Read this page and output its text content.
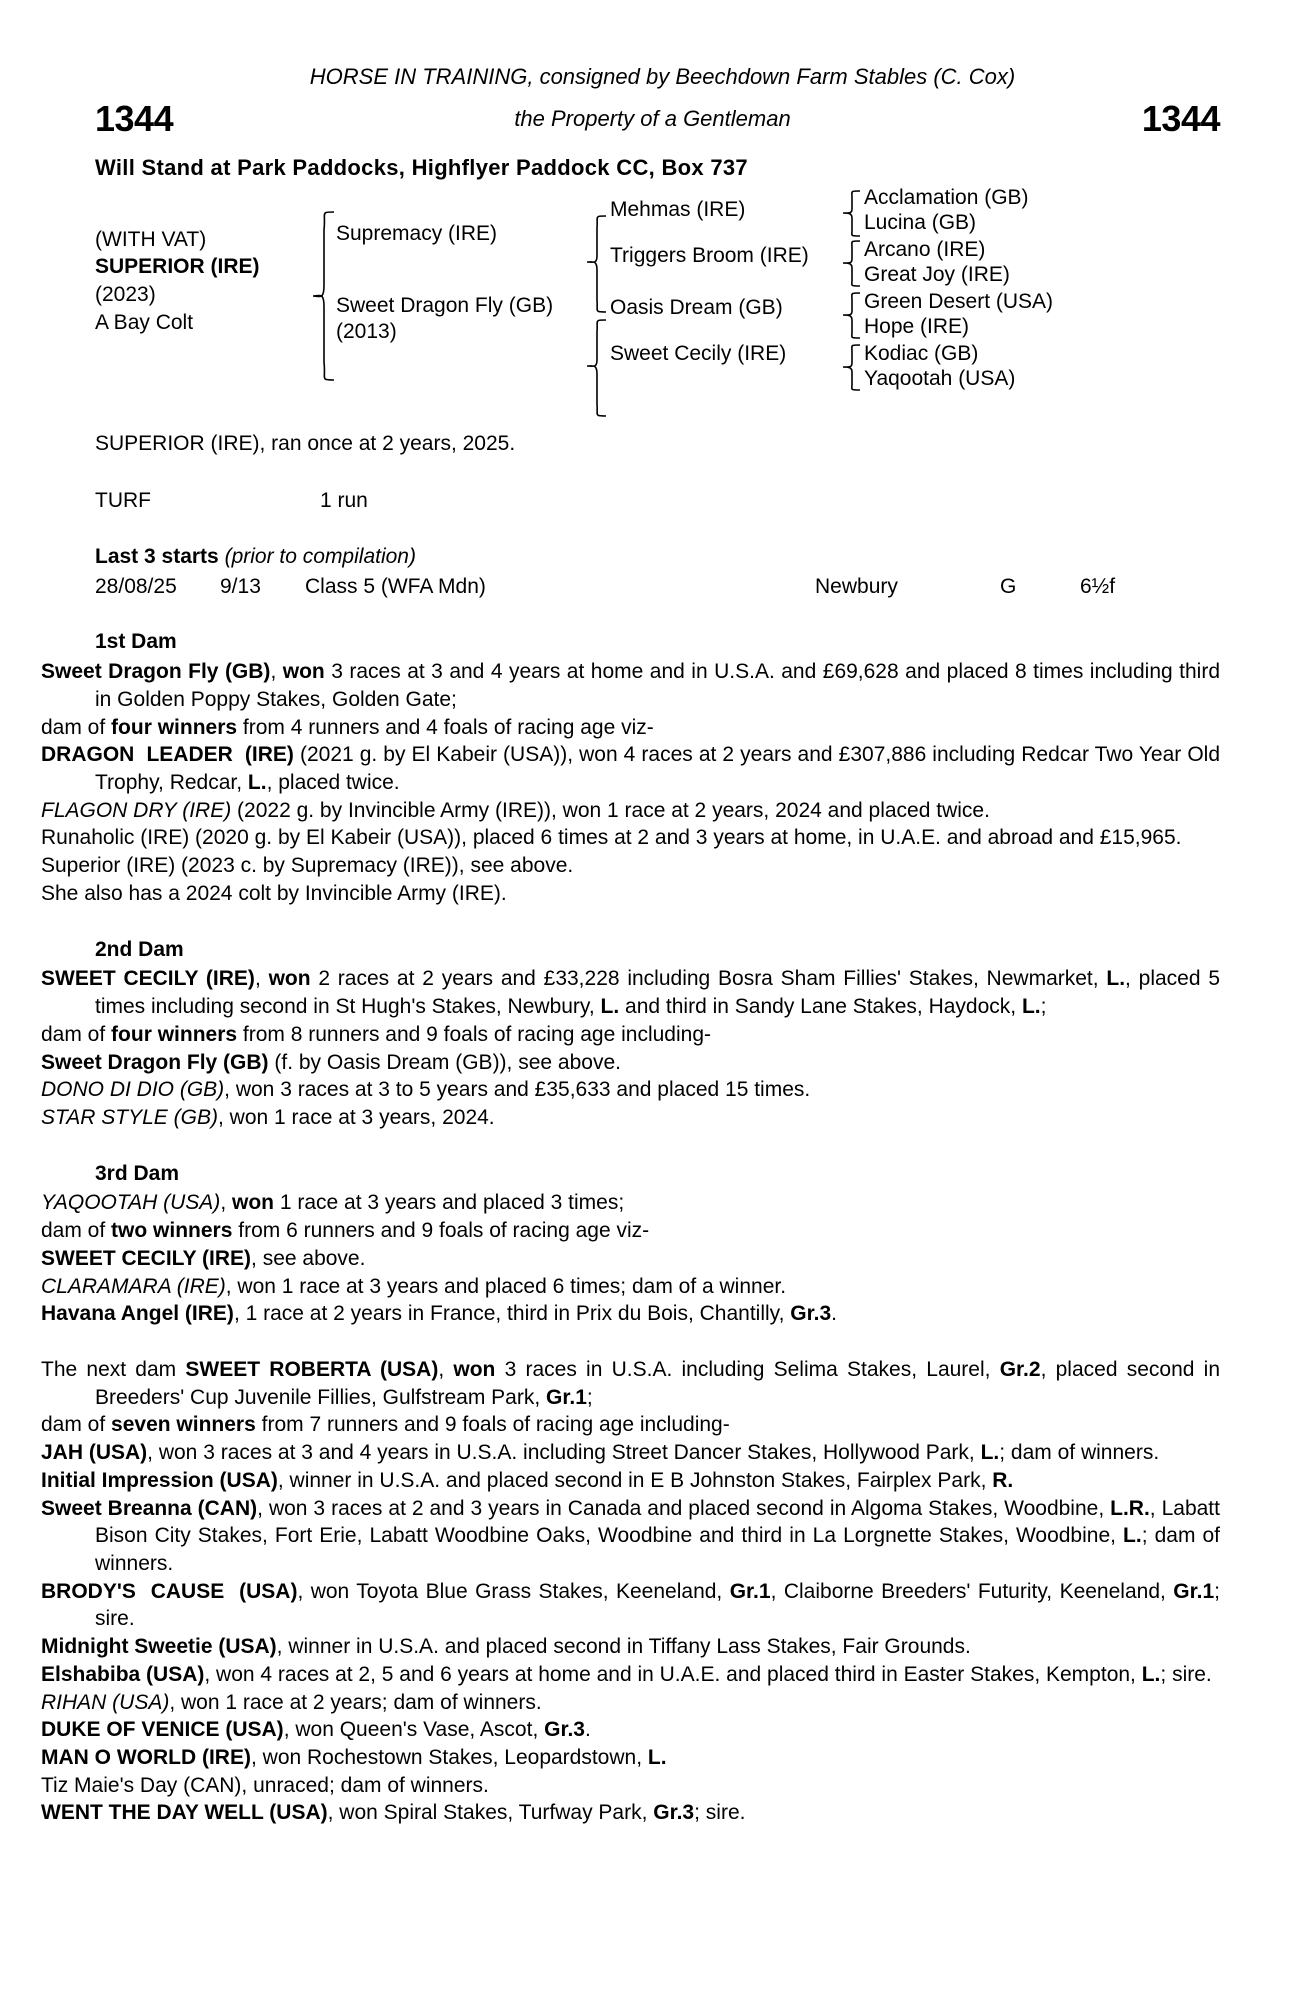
HORSE IN TRAINING, consigned by Beechdown Farm Stables (C. Cox)
1344	the Property of a Gentleman	1344
Will Stand at Park Paddocks, Highflyer Paddock CC, Box 737
(WITH VAT)
SUPERIOR (IRE)
(2023)
A Bay Colt
Supremacy (IRE)
Sweet Dragon Fly (GB)
(2013)
Mehmas (IRE)
Triggers Broom (IRE)
Oasis Dream (GB)
Sweet Cecily (IRE)
Acclamation (GB)
Lucina (GB)
Arcano (IRE)
Great Joy (IRE)
Green Desert (USA)
Hope (IRE)
Kodiac (GB)
Yaqootah (USA)
SUPERIOR (IRE), ran once at 2 years, 2025.
TURF	1 run
Last 3 starts (prior to compilation)
28/08/25	9/13	Class 5 (WFA Mdn)	Newbury	G	6½f
1st Dam

Sweet Dragon Fly (GB), won 3 races at 3 and 4 years at home and in U.S.A. and £69,628 and placed 8 times including third in Golden Poppy Stakes, Golden Gate;

dam of four winners from 4 runners and 4 foals of racing age viz-

DRAGON  LEADER  (IRE) (2021 g. by El Kabeir (USA)), won 4 races at 2 years and £307,886 including Redcar Two Year Old Trophy, Redcar, L., placed twice.

FLAGON DRY (IRE) (2022 g. by Invincible Army (IRE)), won 1 race at 2 years, 2024 and placed twice.

Runaholic (IRE) (2020 g. by El Kabeir (USA)), placed 6 times at 2 and 3 years at home, in U.A.E. and abroad and £15,965.

Superior (IRE) (2023 c. by Supremacy (IRE)), see above.

She also has a 2024 colt by Invincible Army (IRE).

2nd Dam

SWEET CECILY (IRE), won 2 races at 2 years and £33,228 including Bosra Sham Fillies' Stakes, Newmarket, L., placed 5 times including second in St Hugh's Stakes, Newbury, L. and third in Sandy Lane Stakes, Haydock, L.;

dam of four winners from 8 runners and 9 foals of racing age including-

Sweet Dragon Fly (GB) (f. by Oasis Dream (GB)), see above.

DONO DI DIO (GB), won 3 races at 3 to 5 years and £35,633 and placed 15 times.

STAR STYLE (GB), won 1 race at 3 years, 2024.

3rd Dam

YAQOOTAH (USA), won 1 race at 3 years and placed 3 times;

dam of two winners from 6 runners and 9 foals of racing age viz-

SWEET CECILY (IRE), see above.

CLARAMARA (IRE), won 1 race at 3 years and placed 6 times; dam of a winner.

Havana Angel (IRE), 1 race at 2 years in France, third in Prix du Bois, Chantilly, Gr.3.

The next dam SWEET ROBERTA (USA), won 3 races in U.S.A. including Selima Stakes, Laurel, Gr.2, placed second in Breeders' Cup Juvenile Fillies, Gulfstream Park, Gr.1;

dam of seven winners from 7 runners and 9 foals of racing age including-

JAH (USA), won 3 races at 3 and 4 years in U.S.A. including Street Dancer Stakes, Hollywood Park, L.; dam of winners.

Initial Impression (USA), winner in U.S.A. and placed second in E B Johnston Stakes, Fairplex Park, R.

Sweet Breanna (CAN), won 3 races at 2 and 3 years in Canada and placed second in Algoma Stakes, Woodbine, L.R., Labatt Bison City Stakes, Fort Erie, Labatt Woodbine Oaks, Woodbine and third in La Lorgnette Stakes, Woodbine, L.; dam of winners.

BRODY'S  CAUSE  (USA), won Toyota Blue Grass Stakes, Keeneland, Gr.1, Claiborne Breeders' Futurity, Keeneland, Gr.1; sire.

Midnight Sweetie (USA), winner in U.S.A. and placed second in Tiffany Lass Stakes, Fair Grounds.

Elshabiba (USA), won 4 races at 2, 5 and 6 years at home and in U.A.E. and placed third in Easter Stakes, Kempton, L.; sire.

RIHAN (USA), won 1 race at 2 years; dam of winners.

DUKE OF VENICE (USA), won Queen's Vase, Ascot, Gr.3.

MAN O WORLD (IRE), won Rochestown Stakes, Leopardstown, L.

Tiz Maie's Day (CAN), unraced; dam of winners.

WENT THE DAY WELL (USA), won Spiral Stakes, Turfway Park, Gr.3; sire.
